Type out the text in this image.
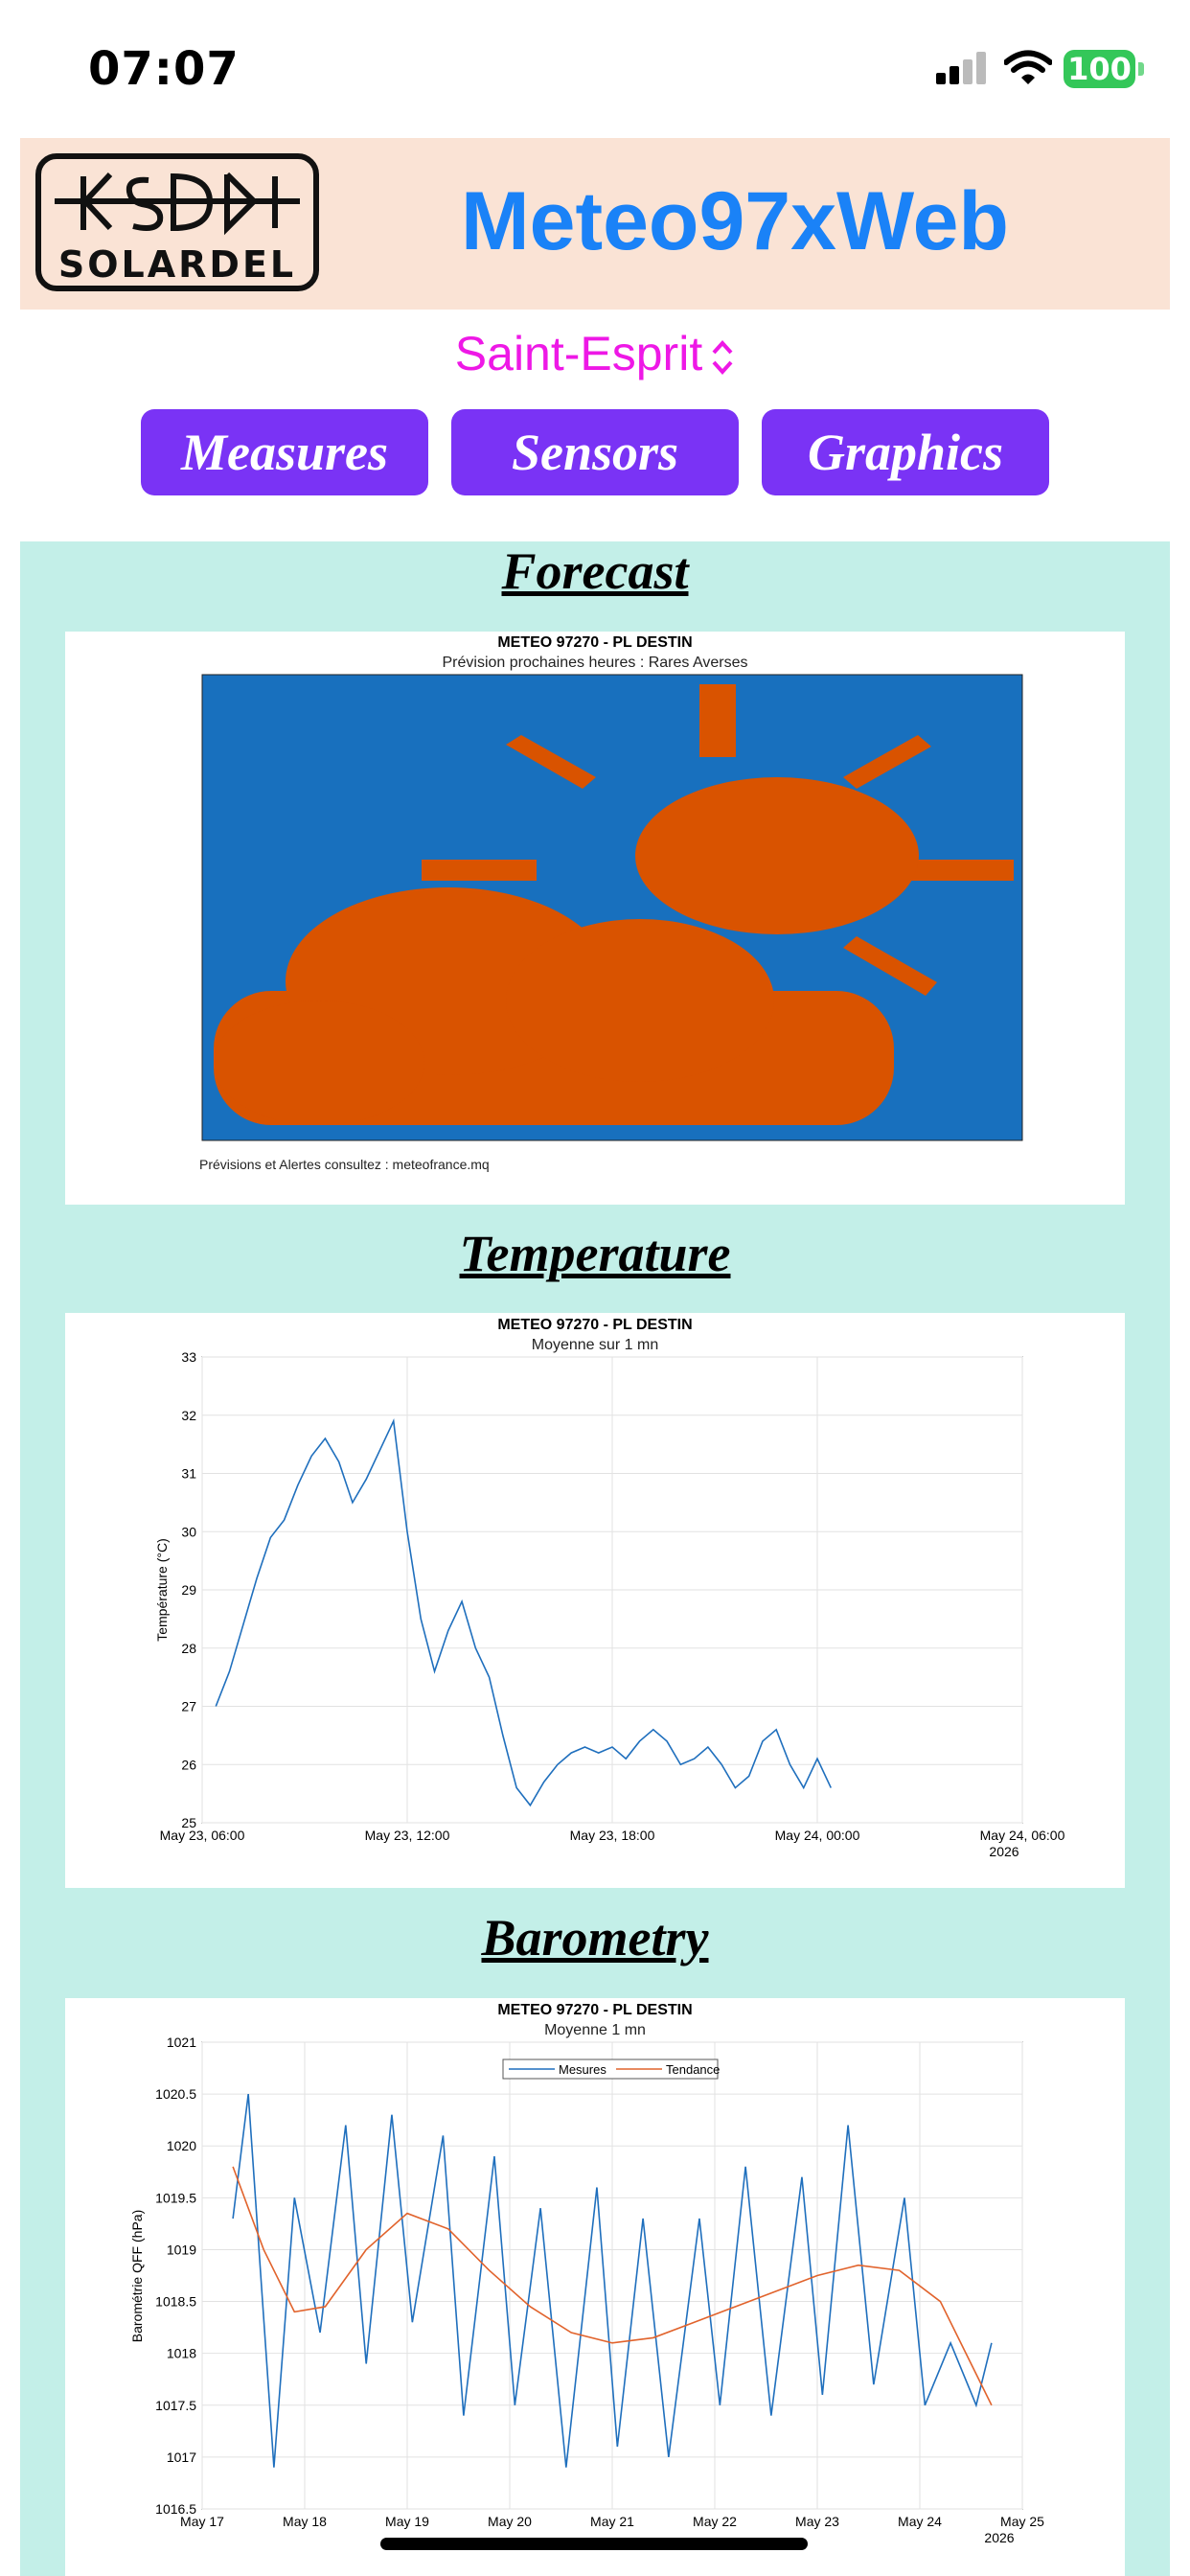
07:07	100
SOLARDEL Meteo97xWeb
Saint-Esprit
Measures	Sensors	Graphics
Forecast
METEO 97270 - PL DESTIN
Prévision prochaines heures : Rares Averses
Prévisions et Alertes consultez : meteofrance.mq
Temperature
METEO 97270 - PL DESTIN
Moyenne sur 1 mn
2026
25
26
27
28
29
30
31
32
33
May 23, 06:00	May 23, 12:00	May 23, 18:00	May 24, 00:00	May 24, 06:00
Température (°C)
Barometry
METEO 97270 - PL DESTIN
Moyenne 1 mn
2026
1016.5
1017
1017.5
1018
1018.5
1019
1019.5
1020
1020.5
1021
May 17	May 18	May 19	May 20	May 21	May 22	May 23	May 24	May 25
Barométrie QFF (hPa)
Mesures	Tendance
